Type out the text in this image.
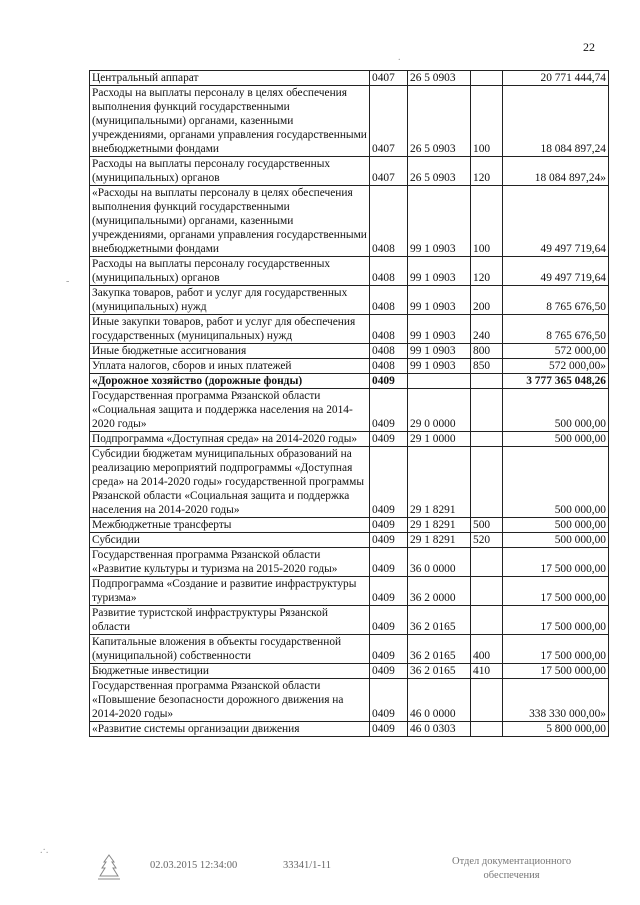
22
.
-
.·.
Центральный аппарат	0407	26 5 0903		20 771 444,74
Расходы на выплаты персоналу в целях обеспечения выполнения функций государственными (муниципальными) органами, казенными учреждениями, органами управления государственными внебюджетными фондами	0407	26 5 0903	100	18 084 897,24
Расходы на выплаты персоналу государственных (муниципальных) органов	0407	26 5 0903	120	18 084 897,24»
«Расходы на выплаты персоналу в целях обеспечения выполнения функций государственными (муниципальными) органами, казенными учреждениями, органами управления государственными внебюджетными фондами	0408	99 1 0903	100	49 497 719,64
Расходы на выплаты персоналу государственных (муниципальных) органов	0408	99 1 0903	120	49 497 719,64
Закупка товаров, работ и услуг для государственных (муниципальных) нужд	0408	99 1 0903	200	8 765 676,50
Иные закупки товаров, работ и услуг для обеспечения государственных (муниципальных) нужд	0408	99 1 0903	240	8 765 676,50
Иные бюджетные ассигнования	0408	99 1 0903	800	572 000,00
Уплата налогов, сборов и иных платежей	0408	99 1 0903	850	572 000,00»
«Дорожное хозяйство (дорожные фонды)	0409			3 777 365 048,26
Государственная программа Рязанской области «Социальная защита и поддержка населения на 2014-2020 годы»	0409	29 0 0000		500 000,00
Подпрограмма «Доступная среда» на 2014-2020 годы»	0409	29 1 0000		500 000,00
Субсидии бюджетам муниципальных образований на реализацию мероприятий подпрограммы «Доступная среда» на 2014-2020 годы» государственной программы Рязанской области «Социальная защита и поддержка населения на 2014-2020 годы»	0409	29 1 8291		500 000,00
Межбюджетные трансферты	0409	29 1 8291	500	500 000,00
Субсидии	0409	29 1 8291	520	500 000,00
Государственная программа Рязанской области «Развитие культуры и туризма на 2015-2020 годы»	0409	36 0 0000		17 500 000,00
Подпрограмма «Создание и развитие инфраструктуры туризма»	0409	36 2 0000		17 500 000,00
Развитие туристской инфраструктуры Рязанской области	0409	36 2 0165		17 500 000,00
Капитальные вложения в объекты государственной (муниципальной) собственности	0409	36 2 0165	400	17 500 000,00
Бюджетные инвестиции	0409	36 2 0165	410	17 500 000,00
Государственная программа Рязанской области «Повышение безопасности дорожного движения на 2014-2020 годы»	0409	46 0 0000		338 330 000,00»
«Развитие системы организации движения	0409	46 0 0303		5 800 000,00
02.03.2015 12:34:00	33341/1-11	Отдел документационного
обеспечения
